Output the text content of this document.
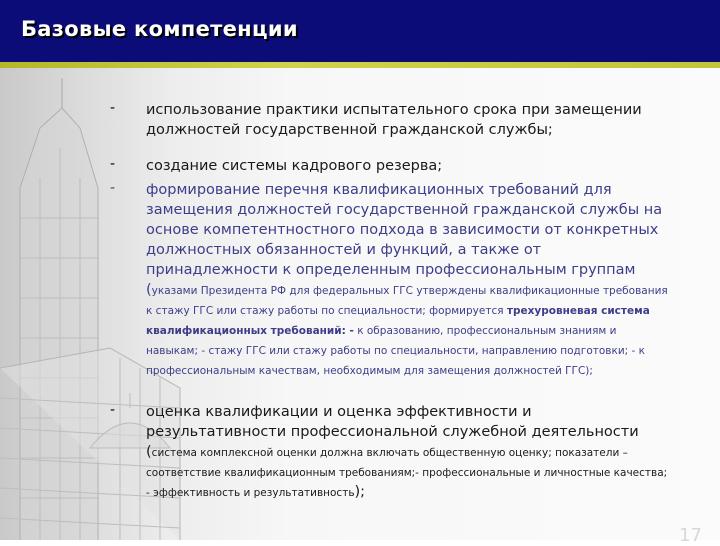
Базовые компетенции
- использование практики испытательного срока при замещении должностей государственной гражданской службы;
- создание системы кадрового резерва;
- формирование перечня квалификационных требований для замещения должностей государственной гражданской службы на основе компетентностного подхода в зависимости от конкретных должностных обязанностей и функций, а также от принадлежности к определенным профессиональным группам (указами Президента РФ для федеральных ГГС утверждены квалификационные требования к стажу ГГС или стажу работы по специальности; формируется трехуровневая система квалификационных требований: - к образованию, профессиональным знаниям и навыкам; - стажу ГГС или стажу работы по специальности, направлению подготовки; - к профессиональным качествам, необходимым для замещения должностей ГГС);
- оценка квалификации и оценка эффективности и результативности профессиональной служебной деятельности (система комплексной оценки должна включать общественную оценку; показатели – соответствие квалификационным требованиям;- профессиональные и личностные качества; - эффективность и результативность);
17
